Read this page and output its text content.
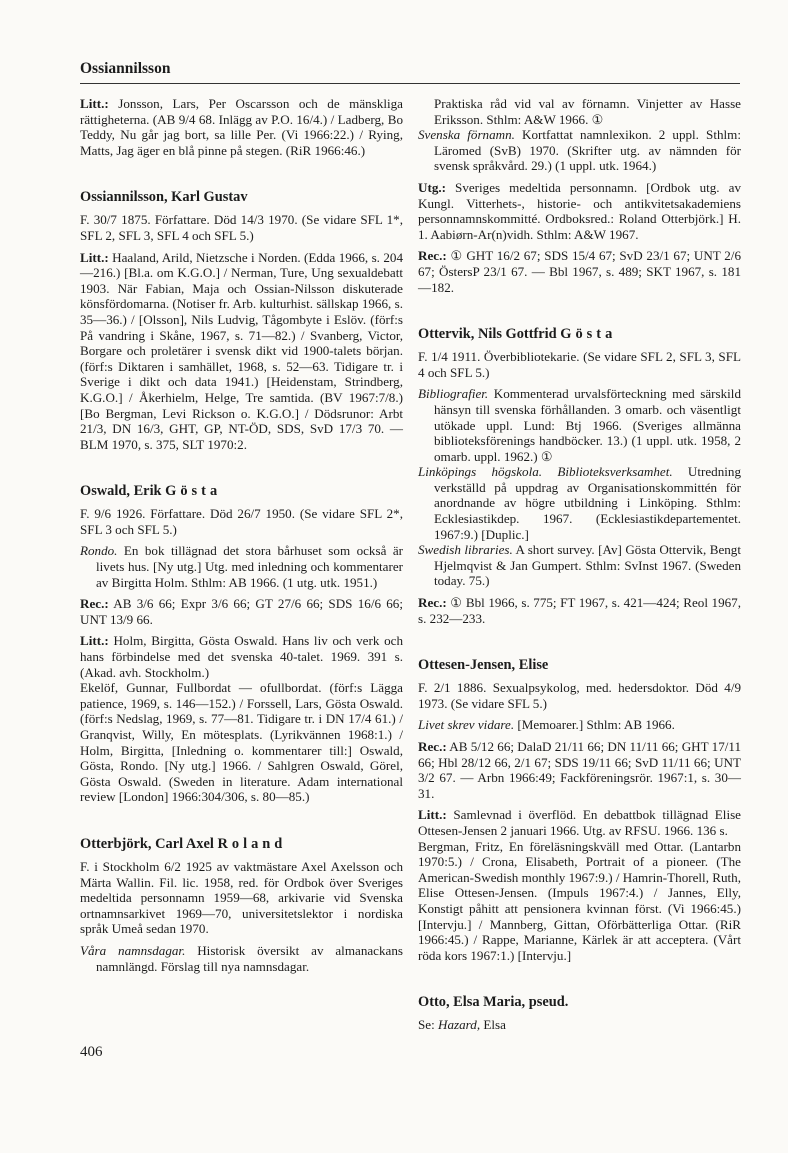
Ossiannilsson

Litt.: Jonsson, Lars, Per Oscarsson och de mänskliga rättigheterna. (AB 9/4 68. Inlägg av P.O. 16/4.) / Ladberg, Bo Teddy, Nu går jag bort, sa lille Per. (Vi 1966:22.) / Rying, Matts, Jag äger en blå pinne på stegen. (RiR 1966:46.)

Ossiannilsson, Karl Gustav

F. 30/7 1875. Författare. Död 14/3 1970. (Se vidare SFL 1*, SFL 2, SFL 3, SFL 4 och SFL 5.)

Litt.: Haaland, Arild, Nietzsche i Norden. (Edda 1966, s. 204—216.) [Bl.a. om K.G.O.] / Nerman, Ture, Ung sexualdebatt 1903. När Fabian, Maja och Ossian-Nilsson diskuterade könsfördomarna. (Notiser fr. Arb. kulturhist. sällskap 1966, s. 35—36.) / [Olsson], Nils Ludvig, Tågombyte i Eslöv. (förf:s På vandring i Skåne, 1967, s. 71—82.) / Svanberg, Victor, Borgare och proletärer i svensk dikt vid 1900-talets början. (förf:s Diktaren i samhället, 1968, s. 52—63. Tidigare tr. i Sverige i dikt och data 1941.) [Heidenstam, Strindberg, K.G.O.] / Åkerhielm, Helge, Tre samtida. (BV 1967:7/8.) [Bo Bergman, Levi Rickson o. K.G.O.] / Dödsrunor: Arbt 21/3, DN 16/3, GHT, GP, NT-ÖD, SDS, SvD 17/3 70. — BLM 1970, s. 375, SLT 1970:2.

Oswald, Erik Gösta

F. 9/6 1926. Författare. Död 26/7 1950. (Se vidare SFL 2*, SFL 3 och SFL 5.)

Rondo. En bok tillägnad det stora bårhuset som också är livets hus. [Ny utg.] Utg. med inledning och kommentarer av Birgitta Holm. Sthlm: AB 1966. (1 utg. utk. 1951.)

Rec.: AB 3/6 66; Expr 3/6 66; GT 27/6 66; SDS 16/6 66; UNT 13/9 66.

Litt.: Holm, Birgitta, Gösta Oswald. Hans liv och verk och hans förbindelse med det svenska 40-talet. 1969. 391 s. (Akad. avh. Stockholm.)

Ekelöf, Gunnar, Fullbordat — ofullbordat. (förf:s Lägga patience, 1969, s. 146—152.) / Forssell, Lars, Gösta Oswald. (förf:s Nedslag, 1969, s. 77—81. Tidigare tr. i DN 17/4 61.) / Granqvist, Willy, En mötesplats. (Lyrikvännen 1968:1.) / Holm, Birgitta, [Inledning o. kommentarer till:] Oswald, Gösta, Rondo. [Ny utg.] 1966. / Sahlgren Oswald, Görel, Gösta Oswald. (Sweden in literature. Adam international review [London] 1966:304/306, s. 80—85.)

Otterbjörk, Carl Axel Roland

F. i Stockholm 6/2 1925 av vaktmästare Axel Axelsson och Märta Wallin. Fil. lic. 1958, red. för Ordbok över Sveriges medeltida personnamn 1959—68, arkivarie vid Svenska ortnamnsarkivet 1969—70, universitetslektor i nordiska språk Umeå sedan 1970.

Våra namnsdagar. Historisk översikt av almanackans namnlängd. Förslag till nya namnsdagar.

Praktiska råd vid val av förnamn. Vinjetter av Hasse Eriksson. Sthlm: A&W 1966. ①

Svenska förnamn. Kortfattat namnlexikon. 2 uppl. Sthlm: Läromed (SvB) 1970. (Skrifter utg. av nämnden för svensk språkvård. 29.) (1 uppl. utk. 1964.)

Utg.: Sveriges medeltida personnamn. [Ordbok utg. av Kungl. Vitterhets-, historie- och antikvitetsakademiens personnamnskommitté. Ordboksred.: Roland Otterbjörk.] H. 1. Aabiørn-Ar(n)vidh. Sthlm: A&W 1967.

Rec.: ① GHT 16/2 67; SDS 15/4 67; SvD 23/1 67; UNT 2/6 67; ÖstersP 23/1 67. — Bbl 1967, s. 489; SKT 1967, s. 181—182.

Ottervik, Nils Gottfrid Gösta

F. 1/4 1911. Överbibliotekarie. (Se vidare SFL 2, SFL 3, SFL 4 och SFL 5.)

Bibliografier. Kommenterad urvalsförteckning med särskild hänsyn till svenska förhållanden. 3 omarb. och väsentligt utökade uppl. Lund: Btj 1966. (Sveriges allmänna biblioteksförenings handböcker. 13.) (1 uppl. utk. 1958, 2 omarb. uppl. 1962.) ①

Linköpings högskola. Biblioteksverksamhet. Utredning verkställd på uppdrag av Organisationskommittén för anordnande av högre utbildning i Linköping. Sthlm: Ecklesiastikdep. 1967. (Ecklesiastikdepartementet. 1967:9.) [Duplic.]

Swedish libraries. A short survey. [Av] Gösta Ottervik, Bengt Hjelmqvist & Jan Gumpert. Sthlm: SvInst 1967. (Sweden today. 75.)

Rec.: ① Bbl 1966, s. 775; FT 1967, s. 421—424; Reol 1967, s. 232—233.

Ottesen-Jensen, Elise

F. 2/1 1886. Sexualpsykolog, med. hedersdoktor. Död 4/9 1973. (Se vidare SFL 5.)

Livet skrev vidare. [Memoarer.] Sthlm: AB 1966.

Rec.: AB 5/12 66; DalaD 21/11 66; DN 11/11 66; GHT 17/11 66; Hbl 28/12 66, 2/1 67; SDS 19/11 66; SvD 11/11 66; UNT 3/2 67. — Arbn 1966:49; Fackföreningsrör. 1967:1, s. 30—31.

Litt.: Samlevnad i överflöd. En debattbok tillägnad Elise Ottesen-Jensen 2 januari 1966. Utg. av RFSU. 1966. 136 s.

Bergman, Fritz, En föreläsningskväll med Ottar. (Lantarbn 1970:5.) / Crona, Elisabeth, Portrait of a pioneer. (The American-Swedish monthly 1967:9.) / Hamrin-Thorell, Ruth, Elise Ottesen-Jensen. (Impuls 1967:4.) / Jannes, Elly, Konstigt påhitt att pensionera kvinnan först. (Vi 1966:45.) [Intervju.] / Mannberg, Gittan, Oförbätterliga Ottar. (RiR 1966:45.) / Rappe, Marianne, Kärlek är att acceptera. (Vårt röda kors 1967:1.) [Intervju.]

Otto, Elsa Maria, pseud.

Se: Hazard, Elsa

406
